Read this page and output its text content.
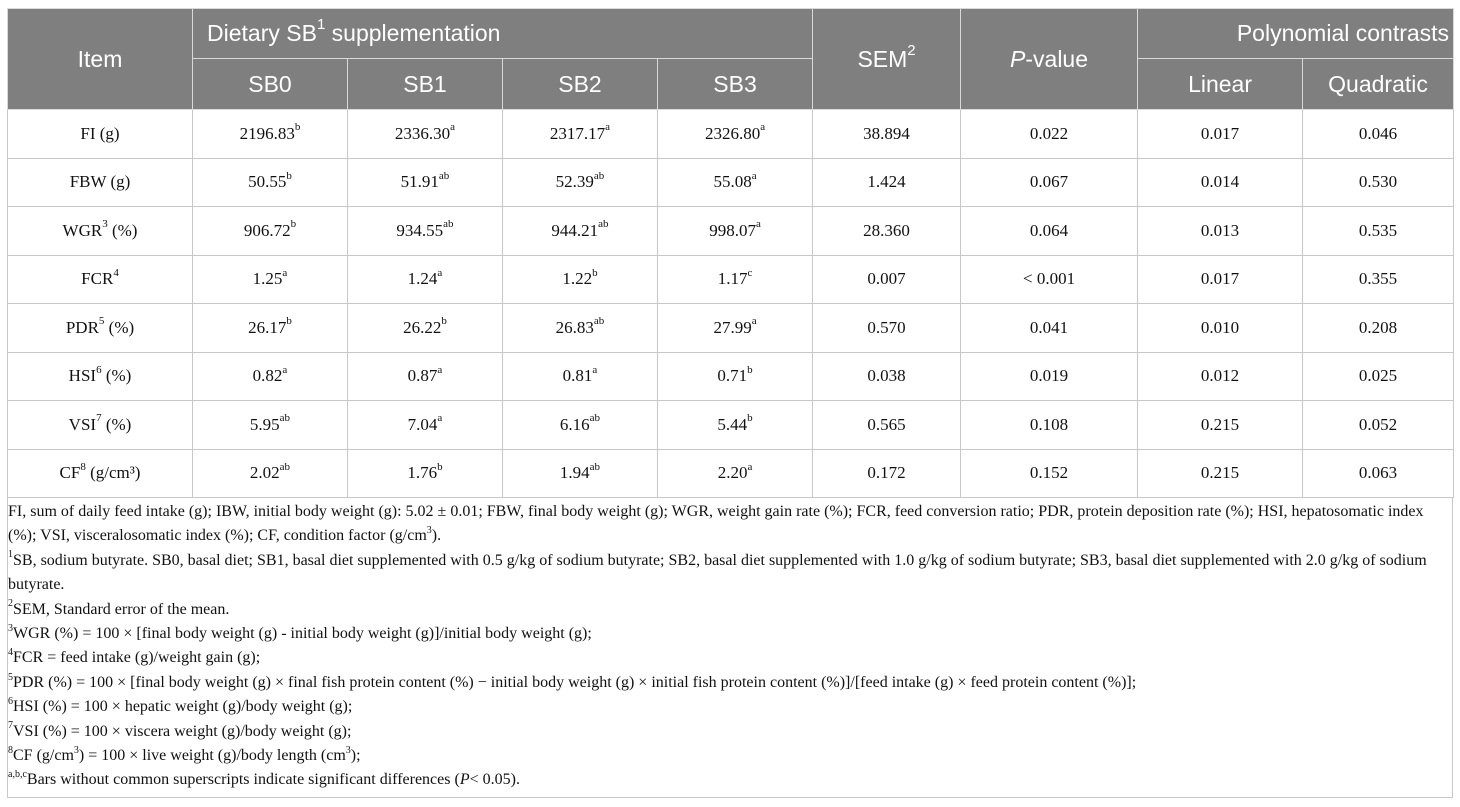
Item	Dietary $SB^1$ supplementation				SEM$^2$	P-value	Polynomial contrasts	
	SB0	SB1	SB2	SB3			Linear	Quadratic
FI (g)	2196.83$^b$	2336.30$^a$	2317.17$^a$	2326.80$^a$	38.894	0.022	0.017	0.046
FBW (g)	50.55$^b$	51.91$^{ab}$	52.39$^{ab}$	55.08$^a$	1.424	0.067	0.014	0.530
WGR$^3$ (%)	906.72$^b$	934.55$^{ab}$	944.21$^{ab}$	998.07$^a$	28.360	0.064	0.013	0.535
FCR$^4$	1.25$^a$	1.24$^a$	1.22$^b$	1.17$^c$	0.007	< 0.001	0.017	0.355
PDR$^5$ (%)	26.17$^b$	26.22$^b$	26.83$^{ab}$	27.99$^a$	0.570	0.041	0.010	0.208
HSI$^6$ (%)	0.82$^a$	0.87$^a$	0.81$^a$	0.71$^b$	0.038	0.019	0.012	0.025
VSI$^7$ (%)	5.95$^{ab}$	7.04$^a$	6.16$^{ab}$	5.44$^b$	0.565	0.108	0.215	0.052
$CF^8$ (g/cm³)	2.02$^{ab}$	1.76$^b$	1.94$^{ab}$	2.20$^a$	0.172	0.152	0.215	0.063

FI, sum of daily feed intake (g); IBW, initial body weight (g): 5.02 ± 0.01; FBW, final body weight (g); WGR, weight gain rate (%); FCR, feed conversion ratio; PDR, protein deposition rate (%); HSI, hepatosomatic index (%); VSI, visceralosomatic index (%); CF, condition factor $(g/cm^3)$.

$^1$SB, sodium butyrate. SB0, basal diet; SB1, basal diet supplemented with 0.5 g/kg of sodium butyrate; SB2, basal diet supplemented with 1.0 g/kg of sodium butyrate; SB3, basal diet supplemented with 2.0 g/kg of sodium butyrate.

$^2$SEM, Standard error of the mean.

$^3$WGR (%) = 100 × [final body weight (g) - initial body weight (g)]/initial body weight (g);

$^4$FCR = feed intake (g)/weight gain (g);

$^5$PDR (%) = 100 × [final body weight (g) × final fish protein content (%) − initial body weight (g) × initial fish protein content (%)]/[feed intake (g) × feed protein content (%)];

$^6$HSI (%) = 100 × hepatic weight (g)/body weight (g);

$^7$VSI (%) = 100 × viscera weight (g)/body weight (g);

$^8$CF $(g/cm^3) = 100$ × live weight (g)/body length $(cm^3)$;

$^{a,b,c}$Bars without common superscripts indicate significant differences (P< 0.05).
